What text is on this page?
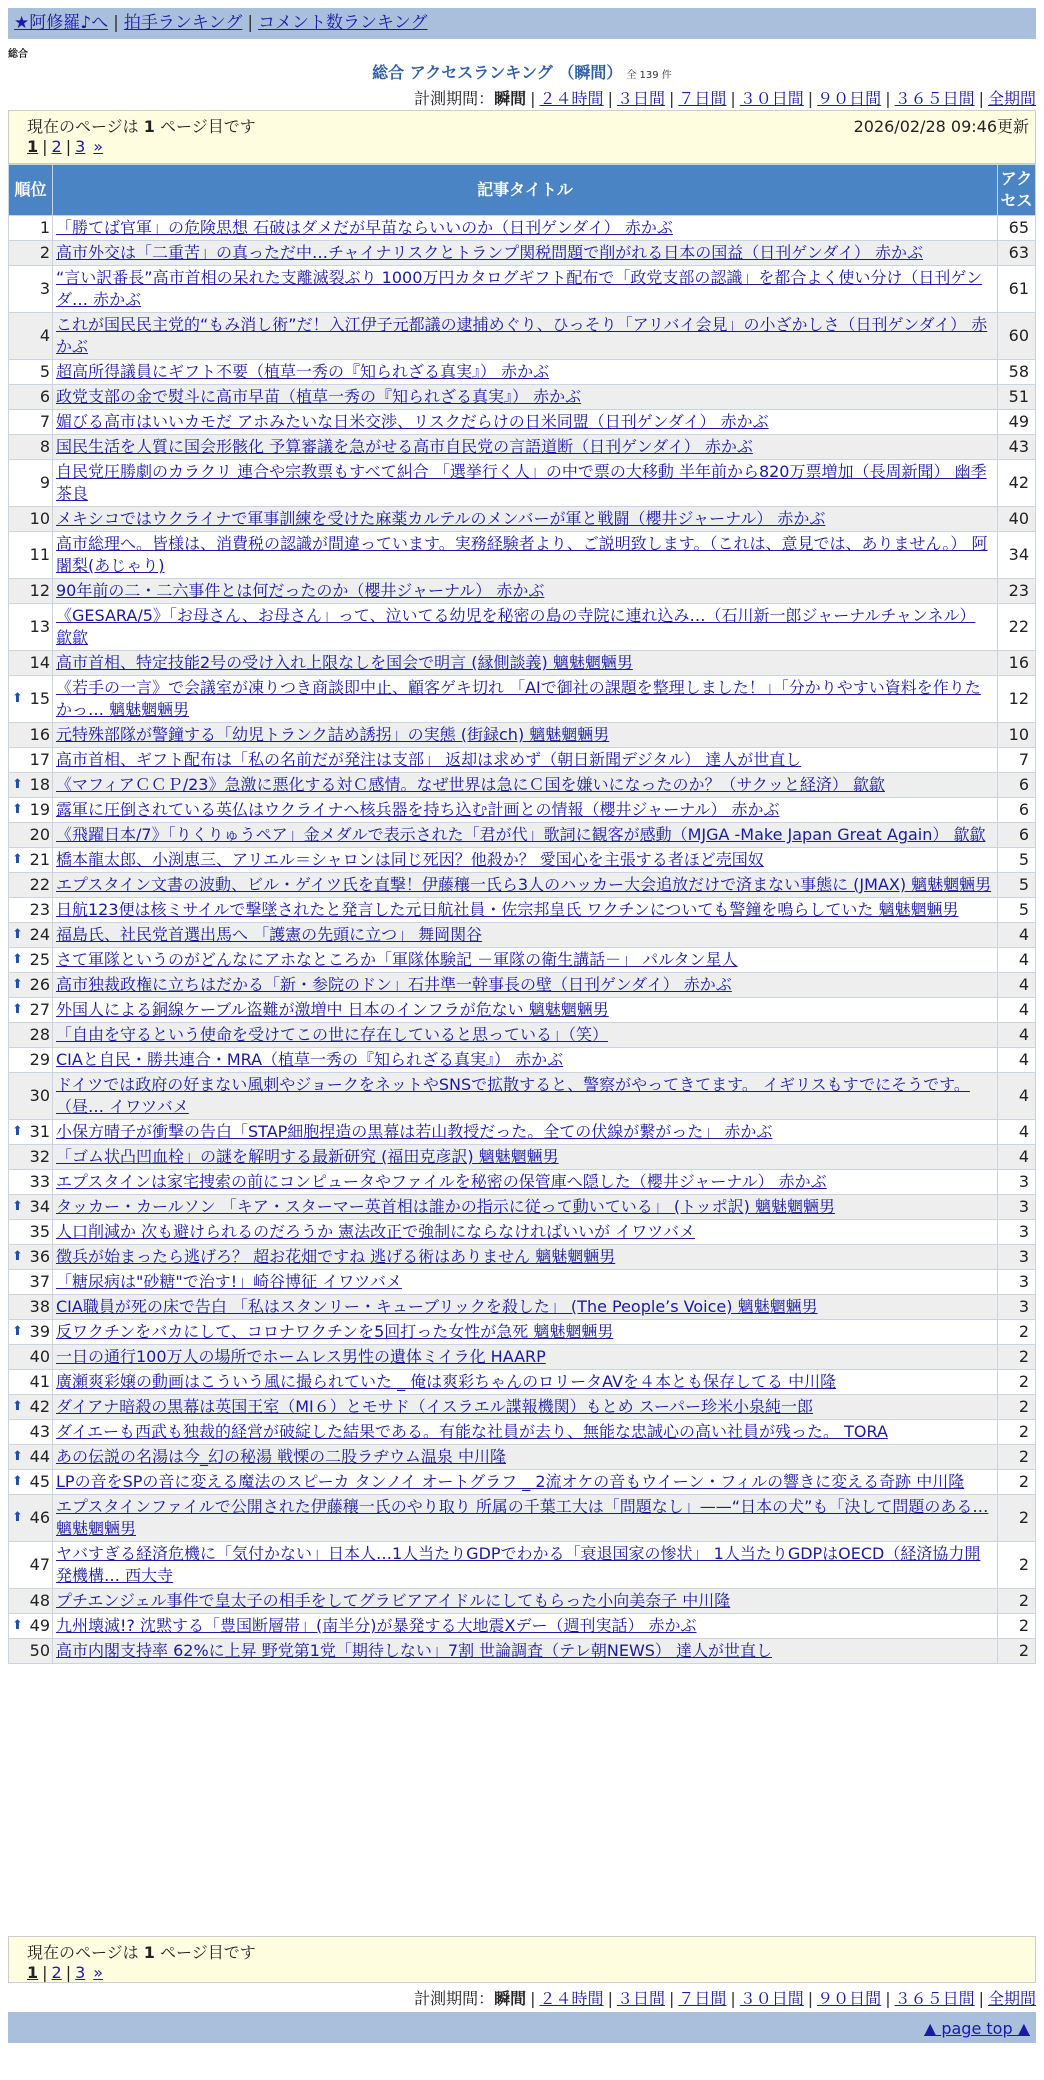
★阿修羅♪へ | 拍手ランキング | コメント数ランキング
総合
総合 アクセスランキング （瞬間） 全 139 件
計測期間：瞬間 | ２４時間 | ３日間 | ７日間 | ３０日間 | ９０日間 | ３６５日間 | 全期間
現在のページは 1 ページ目です	2026/02/28 09:46更新
1 | 2 | 3 »
順位	記事タイトル	アクセス
1	「勝てば官軍」の危険思想 石破はダメだが早苗ならいいのか（日刊ゲンダイ） 赤かぶ	65
2	高市外交は「二重苦」の真っただ中…チャイナリスクとトランプ関税問題で削がれる日本の国益（日刊ゲンダイ） 赤かぶ	63
3	“言い訳番長”高市首相の呆れた支離滅裂ぶり 1000万円カタログギフト配布で「政党支部の認識」を都合よく使い分け（日刊ゲンダ… 赤かぶ	61
4	これが国民民主党的“もみ消し術”だ！入江伊子元都議の逮捕めぐり、ひっそり「アリバイ会見」の小ざかしさ（日刊ゲンダイ） 赤かぶ	60
5	超高所得議員にギフト不要（植草一秀の『知られざる真実』） 赤かぶ	58
6	政党支部の金で熨斗に高市早苗（植草一秀の『知られざる真実』） 赤かぶ	51
7	媚びる高市はいいカモだ アホみたいな日米交渉、リスクだらけの日米同盟（日刊ゲンダイ） 赤かぶ	49
8	国民生活を人質に国会形骸化 予算審議を急がせる高市自民党の言語道断（日刊ゲンダイ） 赤かぶ	43
9	自民党圧勝劇のカラクリ 連合や宗教票もすべて糾合 「選挙行く人」の中で票の大移動 半年前から820万票増加（長周新聞） 幽季 茶良	42
10	メキシコではウクライナで軍事訓練を受けた麻薬カルテルのメンバーが軍と戦闘（櫻井ジャーナル） 赤かぶ	40
11	高市総理へ。皆様は、消費税の認識が間違っています。実務経験者より、ご説明致します。（これは、意見では、ありません。） 阿闍梨(あじゃり)	34
12	90年前の二・二六事件とは何だったのか（櫻井ジャーナル） 赤かぶ	23
13	《GESARA/5》「お母さん、お母さん」って、泣いてる幼児を秘密の島の寺院に連れ込み…（石川新一郎ジャーナルチャンネル） 歙歙	22
14	高市首相、特定技能2号の受け入れ上限なしを国会で明言 (縁側談義) 魑魅魍魎男	16

⬆ 15	《若手の一言》で会議室が凍りつき商談即中止、顧客ゲキ切れ 「AIで御社の課題を整理しました！」「分かりやすい資料を作りたかっ… 魑魅魍魎男	12
16	元特殊部隊が警鐘する「幼児トランク詰め誘拐」の実態 (街録ch) 魑魅魍魎男	10
17	高市首相、ギフト配布は「私の名前だが発注は支部」 返却は求めず（朝日新聞デジタル） 達人が世直し	7

⬆ 18	《マフィアＣＣＰ/23》急激に悪化する対Ｃ感情。なぜ世界は急にＣ国を嫌いになったのか？（サクッと経済） 歙歙	6

⬆ 19	露軍に圧倒されている英仏はウクライナへ核兵器を持ち込む計画との情報（櫻井ジャーナル） 赤かぶ	6
20	《飛躍日本/7》「りくりゅうペア」金メダルで表示された「君が代」歌詞に観客が感動（MJGA -Make Japan Great Again） 歙歙	6

⬆ 21	橋本龍太郎、小渕恵三、アリエル＝シャロンは同じ死因？他殺か？ 愛国心を主張する者ほど売国奴	5
22	エプスタイン文書の波動、ビル・ゲイツ氏を直撃！伊藤穰一氏ら3人のハッカー大会追放だけで済まない事態に (JMAX) 魑魅魍魎男	5
23	日航123便は核ミサイルで撃墜されたと発言した元日航社員・佐宗邦皇氏 ワクチンについても警鐘を鳴らしていた 魑魅魍魎男	5

⬆ 24	福島氏、社民党首選出馬へ 「護憲の先頭に立つ」 舞岡関谷	4

⬆ 25	さて軍隊というのがどんなにアホなところか「軍隊体験記 －軍隊の衛生講話－」 パルタン星人	4

⬆ 26	高市独裁政権に立ちはだかる「新・参院のドン」石井準一幹事長の壁（日刊ゲンダイ） 赤かぶ	4

⬆ 27	外国人による銅線ケーブル盗難が激増中 日本のインフラが危ない 魑魅魍魎男	4
28	「自由を守るという使命を受けてこの世に存在していると思っている」（笑）	4
29	CIAと自民・勝共連合・MRA（植草一秀の『知られざる真実』） 赤かぶ	4
30	ドイツでは政府の好まない風刺やジョークをネットやSNSで拡散すると、警察がやってきてます。 イギリスもすでにそうです。（昼… イワツバメ	4

⬆ 31	小保方晴子が衝撃の告白「STAP細胞捏造の黒幕は若山教授だった。全ての伏線が繋がった」 赤かぶ	4
32	「ゴム状凸凹血栓」の謎を解明する最新研究 (福田克彦訳) 魑魅魍魎男	4
33	エプスタインは家宅捜索の前にコンピュータやファイルを秘密の保管庫へ隠した（櫻井ジャーナル） 赤かぶ	3

⬆ 34	タッカー・カールソン 「キア・スターマー英首相は誰かの指示に従って動いている」 (トッポ訳) 魑魅魍魎男	3
35	人口削減か 次も避けられるのだろうか 憲法改正で強制にならなければいいが イワツバメ	3

⬆ 36	徴兵が始まったら逃げろ？ 超お花畑ですね 逃げる術はありません 魑魅魍魎男	3
37	「糖尿病は"砂糖"で治す!」崎谷博征 イワツバメ	3
38	CIA職員が死の床で告白 「私はスタンリー・キューブリックを殺した」 (The People’s Voice) 魑魅魍魎男	3

⬆ 39	反ワクチンをバカにして、コロナワクチンを5回打った女性が急死 魑魅魍魎男	2
40	一日の通行100万人の場所でホームレス男性の遺体ミイラ化 HAARP	2
41	廣瀬爽彩嬢の動画はこういう風に撮られていた _ 俺は爽彩ちゃんのロリータAVを４本とも保存してる 中川隆	2

⬆ 42	ダイアナ暗殺の黒幕は英国王室（MI６）とモサド（イスラエル諜報機関）もとめ スーパー珍米小泉純一郎	2
43	ダイエーも西武も独裁的経営が破綻した結果である。有能な社員が去り、無能な忠誠心の高い社員が残った。 TORA	2

⬆ 44	あの伝説の名湯は今_幻の秘湯 戦慄の二股ラヂウム温泉 中川隆	2

⬆ 45	LPの音をSPの音に変える魔法のスピーカ タンノイ オートグラフ _ 2流オケの音もウイーン・フィルの響きに変える奇跡 中川隆	2

⬆ 46	エプスタインファイルで公開された伊藤穰一氏のやり取り 所属の千葉工大は「問題なし」——“日本の犬”も「決して問題のある… 魑魅魍魎男	2
47	ヤバすぎる経済危機に「気付かない」日本人…1人当たりGDPでわかる「衰退国家の惨状」 1人当たりGDPはOECD（経済協力開発機構… 西大寺	2
48	プチエンジェル事件で皇太子の相手をしてグラビアアイドルにしてもらった小向美奈子 中川隆	2

⬆ 49	九州壊滅!? 沈黙する「豊国断層帯」(南半分)が暴発する大地震Xデー（週刊実話） 赤かぶ	2
50	高市内閣支持率 62%に上昇 野党第1党「期待しない」7割 世論調査（テレ朝NEWS） 達人が世直し	2
現在のページは 1 ページ目です
1 | 2 | 3 »
計測期間：瞬間 | ２４時間 | ３日間 | ７日間 | ３０日間 | ９０日間 | ３６５日間 | 全期間
▲ page top ▲
